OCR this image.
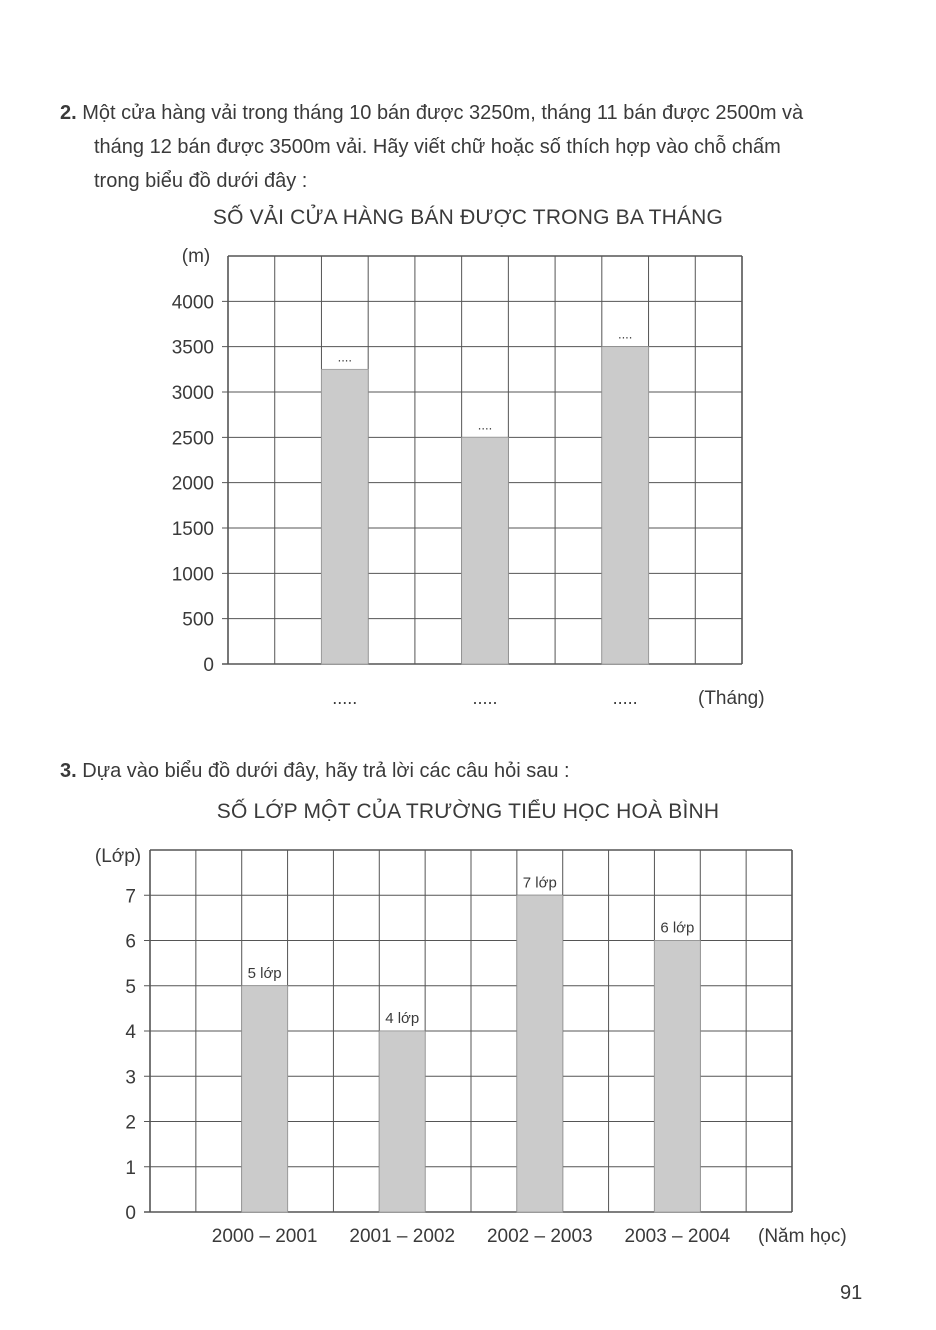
2. Một cửa hàng vải trong tháng 10 bán được 3250m, tháng 11 bán được 2500m và
tháng 12 bán được 3500m vải. Hãy viết chữ hoặc số thích hợp vào chỗ chấm
trong biểu đồ dưới đây :
SỐ VẢI CỬA HÀNG BÁN ĐƯỢC TRONG BA THÁNG
0
500
1000
1500
2000
2500
3000
3500
4000
(m)
....
.....
....
.....
....
.....	(Tháng)
3. Dựa vào biểu đồ dưới đây, hãy trả lời các câu hỏi sau :
SỐ LỚP MỘT CỦA TRƯỜNG TIỂU HỌC HOÀ BÌNH
0
1
2
3
4
5
6
7
(Lớp)
5 lớp
2000 – 2001
4 lớp
2001 – 2002
7 lớp
2002 – 2003
6 lớp
2003 – 2004 (Năm học)
91
